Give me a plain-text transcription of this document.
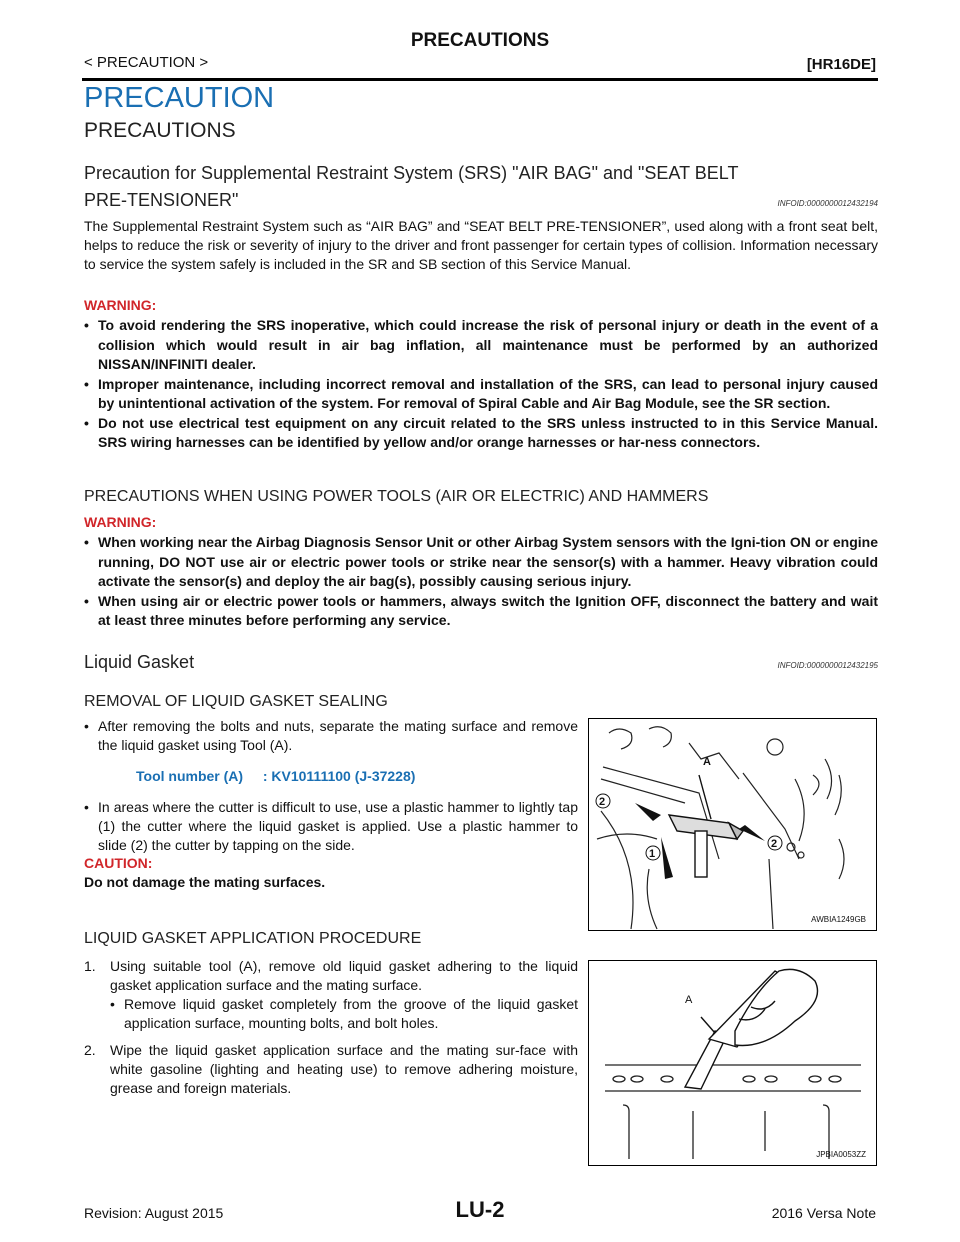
PRECAUTIONS
< PRECAUTION >	[HR16DE]
PRECAUTION
PRECAUTIONS
Precaution for Supplemental Restraint System (SRS) "AIR BAG" and "SEAT BELT
PRE-TENSIONER"	INFOID:0000000012432194
The Supplemental Restraint System such as “AIR BAG” and “SEAT BELT PRE-TENSIONER”, used along with a front seat belt, helps to reduce the risk or severity of injury to the driver and front passenger for certain types of collision. Information necessary to service the system safely is included in the SR and SB section of this Service Manual.
WARNING:
• To avoid rendering the SRS inoperative, which could increase the risk of personal injury or death in the event of a collision which would result in air bag inflation, all maintenance must be performed by an authorized NISSAN/INFINITI dealer.
• Improper maintenance, including incorrect removal and installation of the SRS, can lead to personal injury caused by unintentional activation of the system. For removal of Spiral Cable and Air Bag Module, see the SR section.
• Do not use electrical test equipment on any circuit related to the SRS unless instructed to in this Service Manual. SRS wiring harnesses can be identified by yellow and/or orange harnesses or har-ness connectors.
PRECAUTIONS WHEN USING POWER TOOLS (AIR OR ELECTRIC) AND HAMMERS
WARNING:
• When working near the Airbag Diagnosis Sensor Unit or other Airbag System sensors with the Igni-tion ON or engine running, DO NOT use air or electric power tools or strike near the sensor(s) with a hammer. Heavy vibration could activate the sensor(s) and deploy the air bag(s), possibly causing serious injury.
• When using air or electric power tools or hammers, always switch the Ignition OFF, disconnect the battery and wait at least three minutes before performing any service.
Liquid Gasket	INFOID:0000000012432195
REMOVAL OF LIQUID GASKET SEALING
• After removing the bolts and nuts, separate the mating surface and remove the liquid gasket using Tool (A).
Tool number (A) : KV10111100 (J-37228)
• In areas where the cutter is difficult to use, use a plastic hammer to lightly tap (1) the cutter where the liquid gasket is applied. Use a plastic hammer to slide (2) the cutter by tapping on the side.
CAUTION:
Do not damage the mating surfaces.
2
2
1
A
AWBIA1249GB
LIQUID GASKET APPLICATION PROCEDURE
1. Using suitable tool (A), remove old liquid gasket adhering to the liquid gasket application surface and the mating surface.
• Remove liquid gasket completely from the groove of the liquid gasket application surface, mounting bolts, and bolt holes.
2. Wipe the liquid gasket application surface and the mating sur-face with white gasoline (lighting and heating use) to remove adhering moisture, grease and foreign materials.
A
JPBIA0053ZZ
Revision: August 2015	LU-2	2016 Versa Note
